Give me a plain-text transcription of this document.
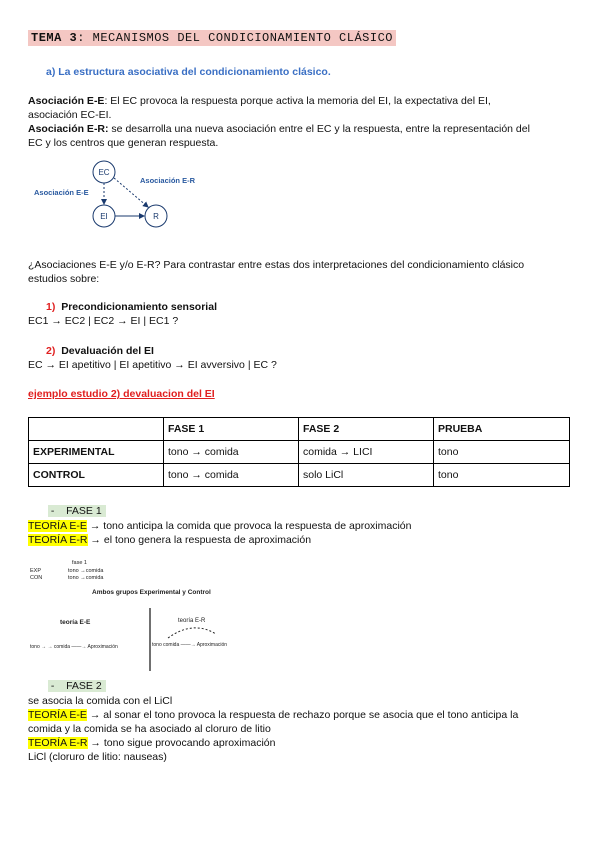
TEMA 3: MECANISMOS DEL CONDICIONAMIENTO CLÁSICO
a) La estructura asociativa del condicionamiento clásico.

Asociación E-E: El EC provoca la respuesta porque activa la memoria del EI, la expectativa del EI,

asociación EC-EI.

Asociación E-R: se desarrolla una nueva asociación entre el EC y la respuesta, entre la representación del

EC y los centros que generan respuesta.

EC
EI	R
Asociación E-E
Asociación E-R

¿Asociaciones E-E y/o E-R? Para contrastar entre estas dos interpretaciones del condicionamiento clásico

estudios sobre:

1) Precondicionamiento sensorial

EC1 → EC2 | EC2 → EI | EC1 ?

2) Devaluación del EI

EC → EI apetitivo | EI apetitivo → EI avversivo | EC ?

ejemplo estudio 2) devaluacion del EI
	FASE 1	FASE 2	PRUEBA
EXPERIMENTAL	tono → comida	comida → LICI	tono
CONTROL	tono → comida	solo LiCl	tono
-    FASE 1

TEORÍA E-E → tono anticipa la comida que provoca la respuesta de aproximación

TEORÍA E-R → el tono genera la respuesta de aproximación

fase 1
EXP
CON
tono →comida
tono →comida
Ambos grupos Experimental y Control
teoría E-E
tono → → comida ——→ Aproximación
teoría E-R
tono comida ——→ Aproximación
-    FASE 2

se asocia la comida con el LiCl

TEORÍA E-E → al sonar el tono provoca la respuesta de rechazo porque se asocia que el tono anticipa la

comida y la comida se ha asociado al cloruro de litio

TEORÍA E-R → tono sigue provocando aproximación

LiCl (cloruro de litio: nauseas)
